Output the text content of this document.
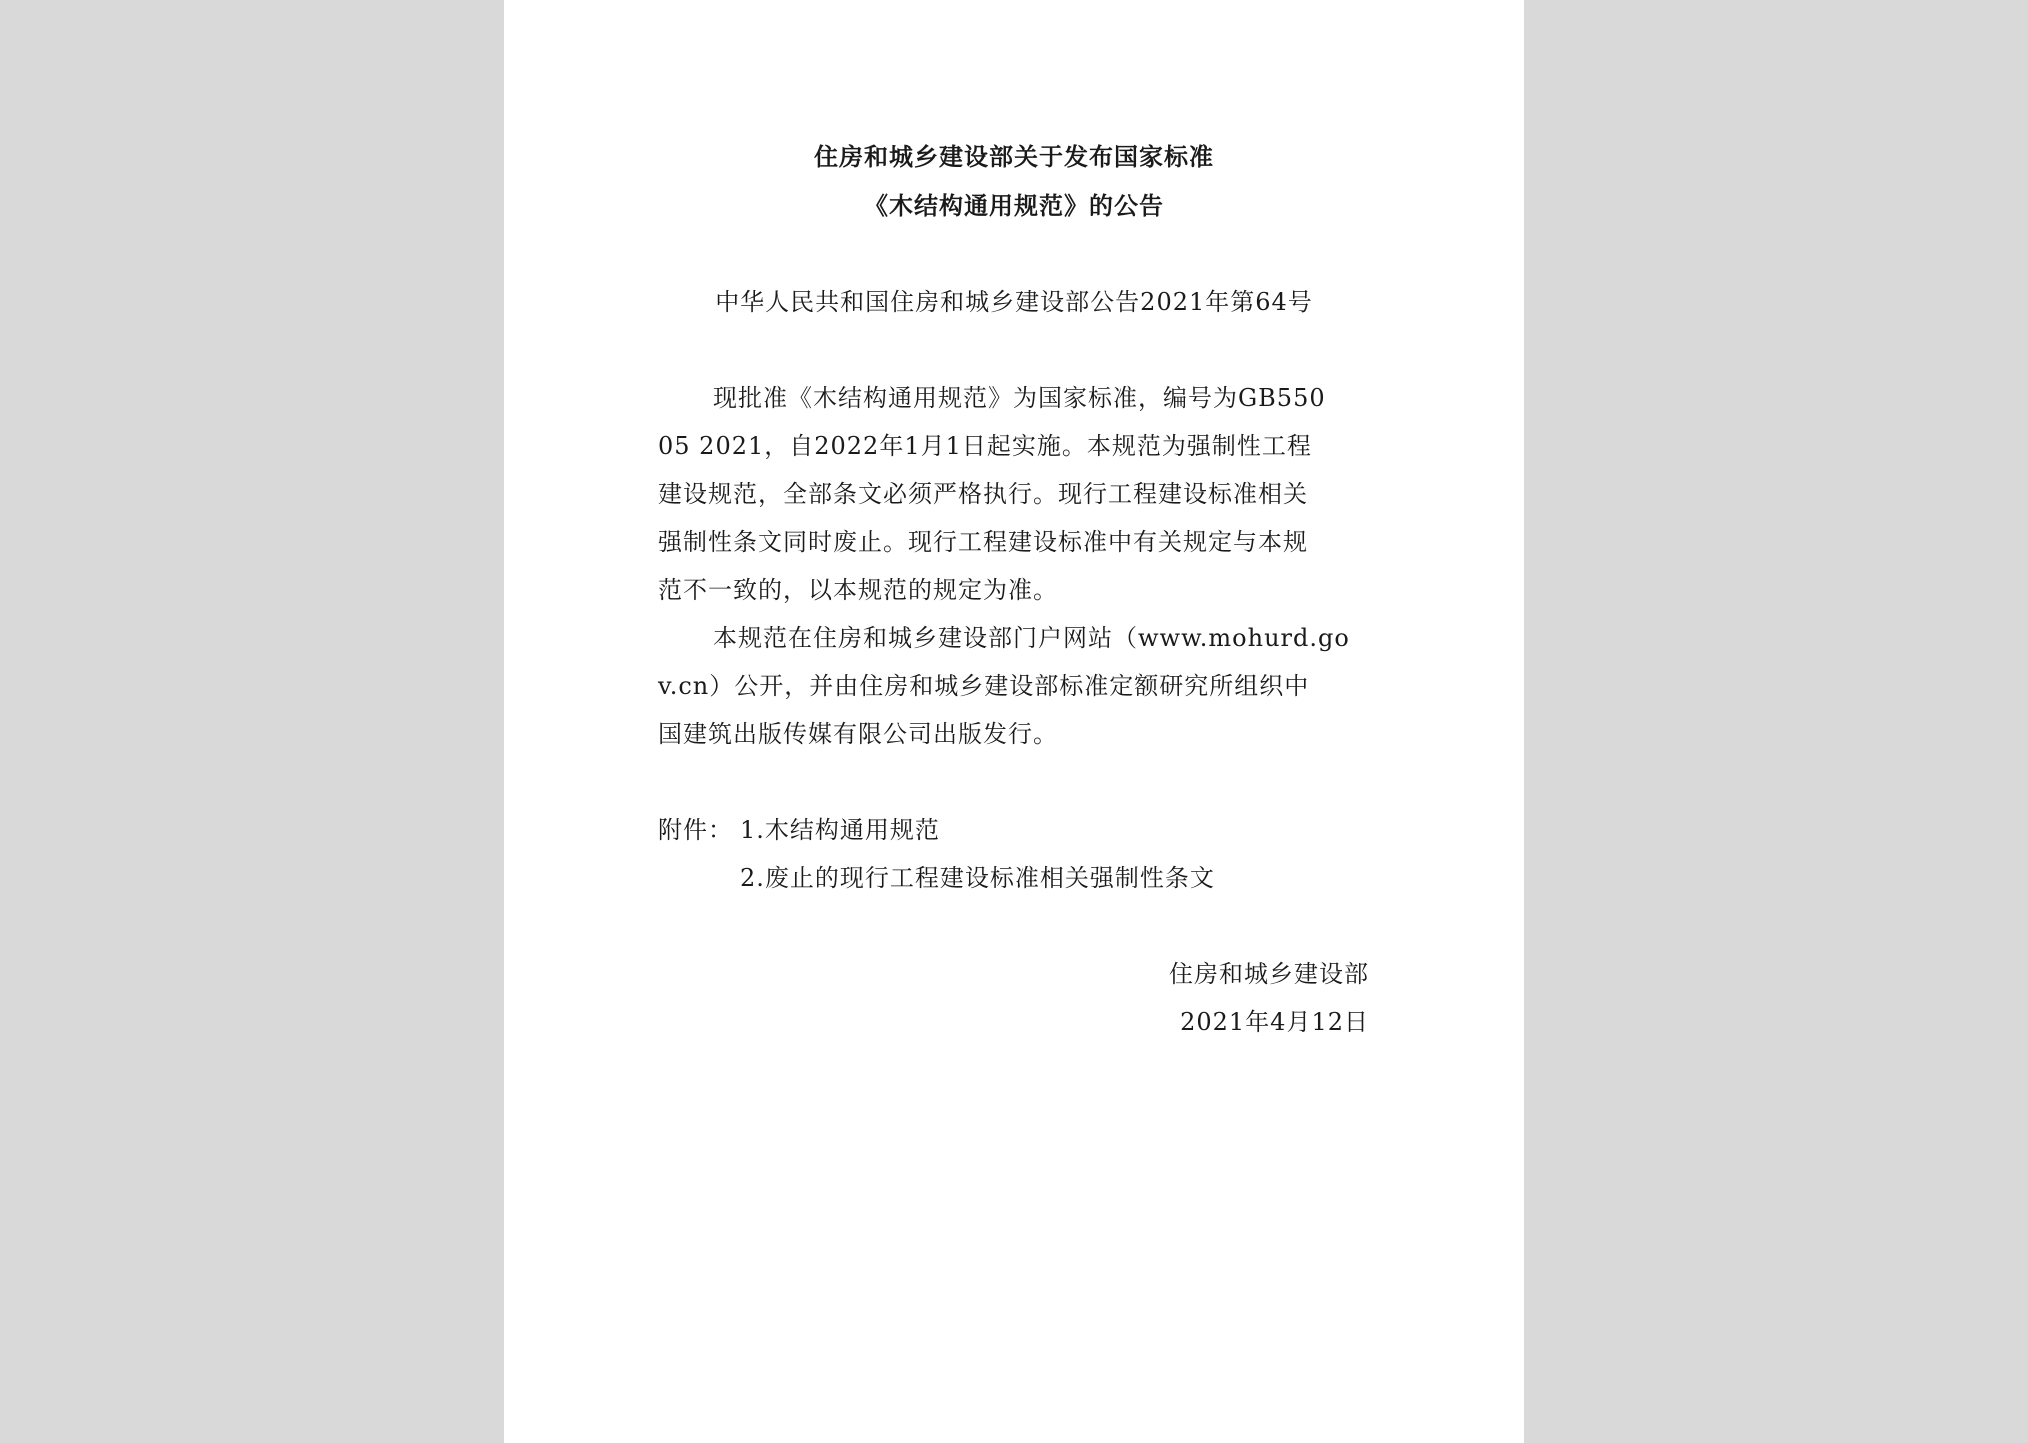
住房和城乡建设部关于发布国家标准
《木结构通用规范》的公告
中华人民共和国住房和城乡建设部公告2021年第64号
现批准《木结构通用规范》为国家标准，编号为GB550
05 2021，自2022年1月1日起实施。本规范为强制性工程
建设规范，全部条文必须严格执行。现行工程建设标准相关
强制性条文同时废止。现行工程建设标准中有关规定与本规
范不一致的，以本规范的规定为准。
本规范在住房和城乡建设部门户网站（www.mohurd.go
v.cn）公开，并由住房和城乡建设部标准定额研究所组织中
国建筑出版传媒有限公司出版发行。
附件： 1.木结构通用规范
2.废止的现行工程建设标准相关强制性条文
住房和城乡建设部
2021年4月12日
